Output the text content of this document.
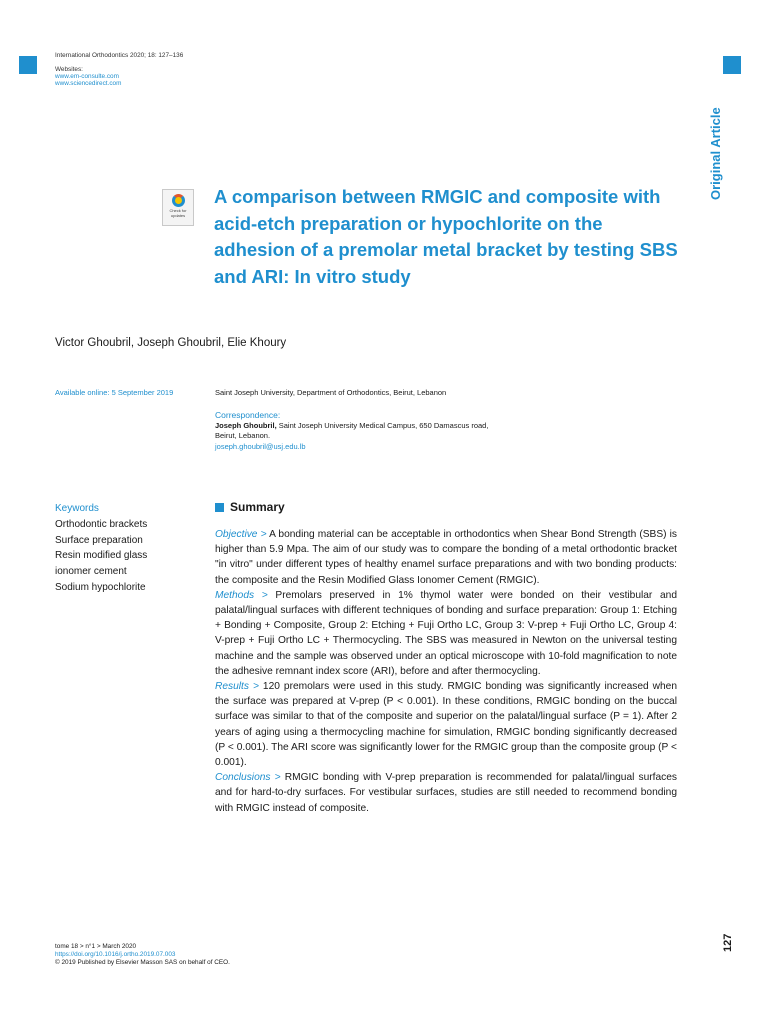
International Orthodontics 2020; 18: 127–136
Websites:
www.em-consulte.com
www.sciencedirect.com
Original Article
Check for
updates
A comparison between RMGIC and composite with acid-etch preparation or hypochlorite on the adhesion of a premolar metal bracket by testing SBS and ARI: In vitro study
Victor Ghoubril, Joseph Ghoubril, Elie Khoury
Available online: 5 September 2019	Saint Joseph University, Department of Orthodontics, Beirut, Lebanon
Correspondence:
Joseph Ghoubril, Saint Joseph University Medical Campus, 650 Damascus road,
Beirut, Lebanon.
joseph.ghoubril@usj.edu.lb
Keywords
Orthodontic brackets
Surface preparation
Resin modified glass
ionomer cement
Sodium hypochlorite
Summary

Objective > A bonding material can be acceptable in orthodontics when Shear Bond Strength (SBS) is higher than 5.9 Mpa. The aim of our study was to compare the bonding of a metal orthodontic bracket "in vitro" under different types of healthy enamel surface preparations and with two bonding products: the composite and the Resin Modified Glass Ionomer Cement (RMGIC).

Methods > Premolars preserved in 1% thymol water were bonded on their vestibular and palatal/lingual surfaces with different techniques of bonding and surface preparation: Group 1: Etching + Bonding + Composite, Group 2: Etching + Fuji Ortho LC, Group 3: V-prep + Fuji Ortho LC, Group 4: V-prep + Fuji Ortho LC + Thermocycling. The SBS was measured in Newton on the universal testing machine and the sample was observed under an optical microscope with 10-fold magnification to note the adhesive remnant index score (ARI), before and after thermocycling.

Results > 120 premolars were used in this study. RMGIC bonding was significantly increased when the surface was prepared at V-prep (P < 0.001). In these conditions, RMGIC bonding on the buccal surface was similar to that of the composite and superior on the palatal/lingual surface (P = 1). After 2 years of aging using a thermocycling machine for simulation, RMGIC bonding significantly decreased (P < 0.001). The ARI score was significantly lower for the RMGIC group than the composite group (P < 0.001).

Conclusions > RMGIC bonding with V-prep preparation is recommended for palatal/lingual surfaces and for hard-to-dry surfaces. For vestibular surfaces, studies are still needed to recommend bonding with RMGIC instead of composite.

tome 18 > n°1 > March 2020
https://doi.org/10.1016/j.ortho.2019.07.003
© 2019 Published by Elsevier Masson SAS on behalf of CEO.
127
